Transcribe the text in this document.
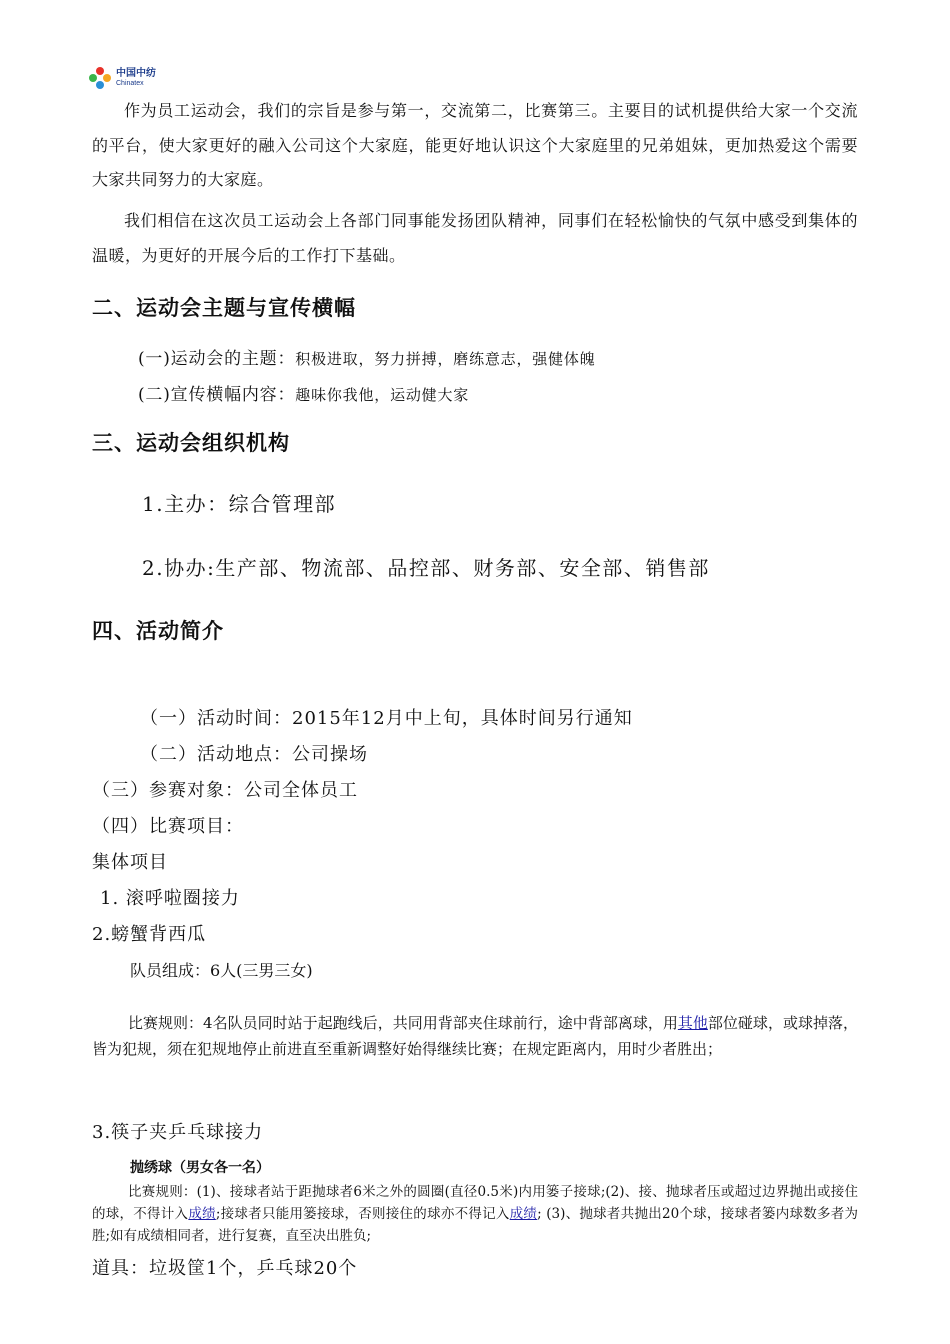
中国中纺
Chinatex
作为员工运动会，我们的宗旨是参与第一，交流第二，比赛第三。主要目的试机提供给大家一个交流的平台，使大家更好的融入公司这个大家庭，能更好地认识这个大家庭里的兄弟姐妹，更加热爱这个需要大家共同努力的大家庭。
我们相信在这次员工运动会上各部门同事能发扬团队精神，同事们在轻松愉快的气氛中感受到集体的温暖，为更好的开展今后的工作打下基础。
二、运动会主题与宣传横幅
(一)运动会的主题：积极进取，努力拼搏，磨练意志，强健体魄
(二)宣传横幅内容：趣味你我他，运动健大家
三、运动会组织机构
1.主办：综合管理部
2.协办:生产部、物流部、品控部、财务部、安全部、销售部
四、活动简介
（一）活动时间：2015年12月中上旬，具体时间另行通知
（二）活动地点：公司操场
（三）参赛对象：公司全体员工
（四）比赛项目：
集体项目
1. 滚呼啦圈接力
2.螃蟹背西瓜
队员组成：6人(三男三女)
比赛规则：4名队员同时站于起跑线后，共同用背部夹住球前行，途中背部离球，用其他部位碰球，或球掉落，皆为犯规，须在犯规地停止前进直至重新调整好始得继续比赛；在规定距离内，用时少者胜出；
3.筷子夹乒乓球接力
抛绣球（男女各一名）
比赛规则：(1)、接球者站于距抛球者6米之外的圆圈(直径0.5米)内用篓子接球;(2)、接、抛球者压或超过边界抛出或接住的球，不得计入成绩;接球者只能用篓接球，否则接住的球亦不得记入成绩; (3)、抛球者共抛出20个球，接球者篓内球数多者为胜;如有成绩相同者，进行复赛，直至决出胜负;
道具：垃圾筐1个，乒乓球20个
